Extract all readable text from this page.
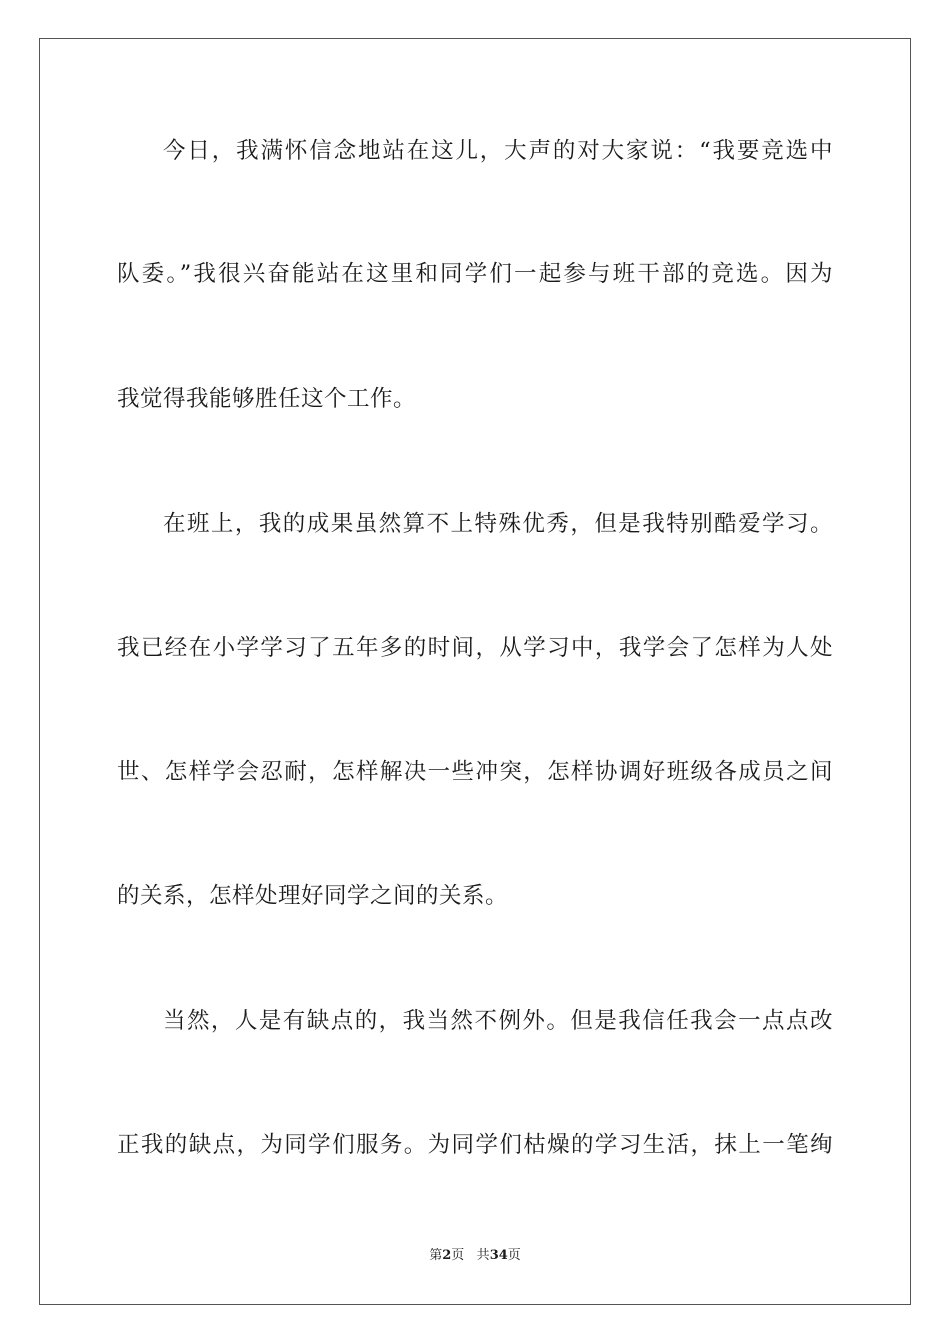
今日，我满怀信念地站在这儿，大声的对大家说：“我要竞选中
队委。”我很兴奋能站在这里和同学们一起参与班干部的竞选。因为
我觉得我能够胜任这个工作。
在班上，我的成果虽然算不上特殊优秀，但是我特别酷爱学习。
我已经在小学学习了五年多的时间，从学习中，我学会了怎样为人处
世、怎样学会忍耐，怎样解决一些冲突，怎样协调好班级各成员之间
的关系，怎样处理好同学之间的关系。
当然，人是有缺点的，我当然不例外。但是我信任我会一点点改
正我的缺点，为同学们服务。为同学们枯燥的学习生活，抹上一笔绚
第2页 共34页
